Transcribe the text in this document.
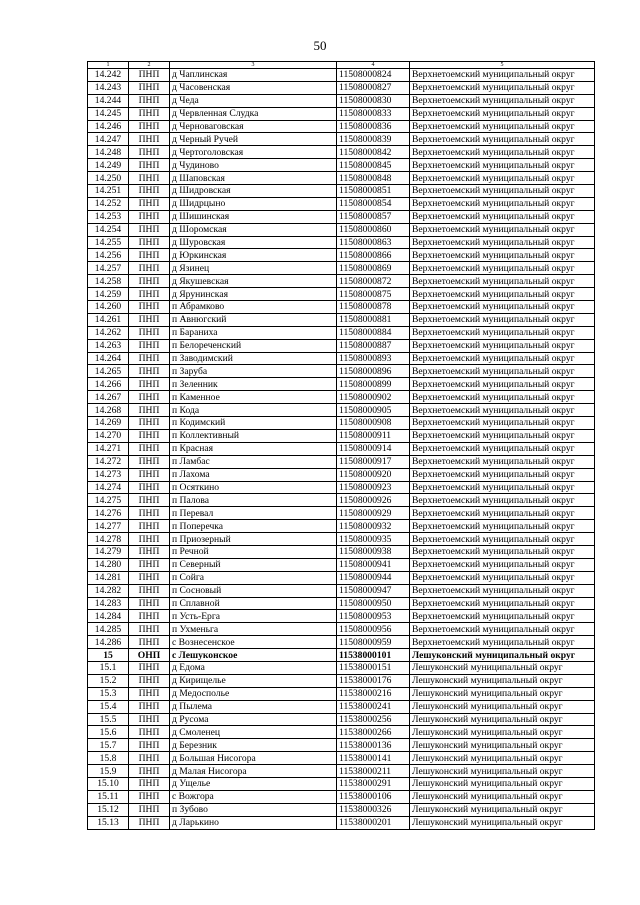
50
1	2	3	4	5
14.242	ПНП	д Чаплинская	11508000824	Верхнетоемский муниципальный округ
14.243	ПНП	д Часовенская	11508000827	Верхнетоемский муниципальный округ
14.244	ПНП	д Чеда	11508000830	Верхнетоемский муниципальный округ
14.245	ПНП	д Червленная Слудка	11508000833	Верхнетоемский муниципальный округ
14.246	ПНП	д Черноваговская	11508000836	Верхнетоемский муниципальный округ
14.247	ПНП	д Черный Ручей	11508000839	Верхнетоемский муниципальный округ
14.248	ПНП	д Чертоголовская	11508000842	Верхнетоемский муниципальный округ
14.249	ПНП	д Чудиново	11508000845	Верхнетоемский муниципальный округ
14.250	ПНП	д Шаповская	11508000848	Верхнетоемский муниципальный округ
14.251	ПНП	д Шидровская	11508000851	Верхнетоемский муниципальный округ
14.252	ПНП	д Шидрцыно	11508000854	Верхнетоемский муниципальный округ
14.253	ПНП	д Шишинская	11508000857	Верхнетоемский муниципальный округ
14.254	ПНП	д Шоромская	11508000860	Верхнетоемский муниципальный округ
14.255	ПНП	д Шуровская	11508000863	Верхнетоемский муниципальный округ
14.256	ПНП	д Юркинская	11508000866	Верхнетоемский муниципальный округ
14.257	ПНП	д Язинец	11508000869	Верхнетоемский муниципальный округ
14.258	ПНП	д Якушевская	11508000872	Верхнетоемский муниципальный округ
14.259	ПНП	д Ярунинская	11508000875	Верхнетоемский муниципальный округ
14.260	ПНП	п Абрамково	11508000878	Верхнетоемский муниципальный округ
14.261	ПНП	п Авнюгский	11508000881	Верхнетоемский муниципальный округ
14.262	ПНП	п Бараниха	11508000884	Верхнетоемский муниципальный округ
14.263	ПНП	п Белореченский	11508000887	Верхнетоемский муниципальный округ
14.264	ПНП	п Заводимский	11508000893	Верхнетоемский муниципальный округ
14.265	ПНП	п Заруба	11508000896	Верхнетоемский муниципальный округ
14.266	ПНП	п Зеленник	11508000899	Верхнетоемский муниципальный округ
14.267	ПНП	п Каменное	11508000902	Верхнетоемский муниципальный округ
14.268	ПНП	п Кода	11508000905	Верхнетоемский муниципальный округ
14.269	ПНП	п Кодимский	11508000908	Верхнетоемский муниципальный округ
14.270	ПНП	п Коллективный	11508000911	Верхнетоемский муниципальный округ
14.271	ПНП	п Красная	11508000914	Верхнетоемский муниципальный округ
14.272	ПНП	п Ламбас	11508000917	Верхнетоемский муниципальный округ
14.273	ПНП	п Лахома	11508000920	Верхнетоемский муниципальный округ
14.274	ПНП	п Осяткино	11508000923	Верхнетоемский муниципальный округ
14.275	ПНП	п Палова	11508000926	Верхнетоемский муниципальный округ
14.276	ПНП	п Перевал	11508000929	Верхнетоемский муниципальный округ
14.277	ПНП	п Поперечка	11508000932	Верхнетоемский муниципальный округ
14.278	ПНП	п Приозерный	11508000935	Верхнетоемский муниципальный округ
14.279	ПНП	п Речной	11508000938	Верхнетоемский муниципальный округ
14.280	ПНП	п Северный	11508000941	Верхнетоемский муниципальный округ
14.281	ПНП	п Сойга	11508000944	Верхнетоемский муниципальный округ
14.282	ПНП	п Сосновый	11508000947	Верхнетоемский муниципальный округ
14.283	ПНП	п Сплавной	11508000950	Верхнетоемский муниципальный округ
14.284	ПНП	п Усть-Ерга	11508000953	Верхнетоемский муниципальный округ
14.285	ПНП	п Ухменьга	11508000956	Верхнетоемский муниципальный округ
14.286	ПНП	с Вознесенское	11508000959	Верхнетоемский муниципальный округ
15	ОНП	с Лешуконское	11538000101	Лешуконский муниципальный округ
15.1	ПНП	д Едома	11538000151	Лешуконский муниципальный округ
15.2	ПНП	д Кирищелье	11538000176	Лешуконский муниципальный округ
15.3	ПНП	д Медосполье	11538000216	Лешуконский муниципальный округ
15.4	ПНП	д Пылема	11538000241	Лешуконский муниципальный округ
15.5	ПНП	д Русома	11538000256	Лешуконский муниципальный округ
15.6	ПНП	д Смоленец	11538000266	Лешуконский муниципальный округ
15.7	ПНП	д Березник	11538000136	Лешуконский муниципальный округ
15.8	ПНП	д Большая Нисогора	11538000141	Лешуконский муниципальный округ
15.9	ПНП	д Малая Нисогора	11538000211	Лешуконский муниципальный округ
15.10	ПНП	д Ущелье	11538000291	Лешуконский муниципальный округ
15.11	ПНП	с Вожгора	11538000106	Лешуконский муниципальный округ
15.12	ПНП	п Зубово	11538000326	Лешуконский муниципальный округ
15.13	ПНП	д Ларькино	11538000201	Лешуконский муниципальный округ
